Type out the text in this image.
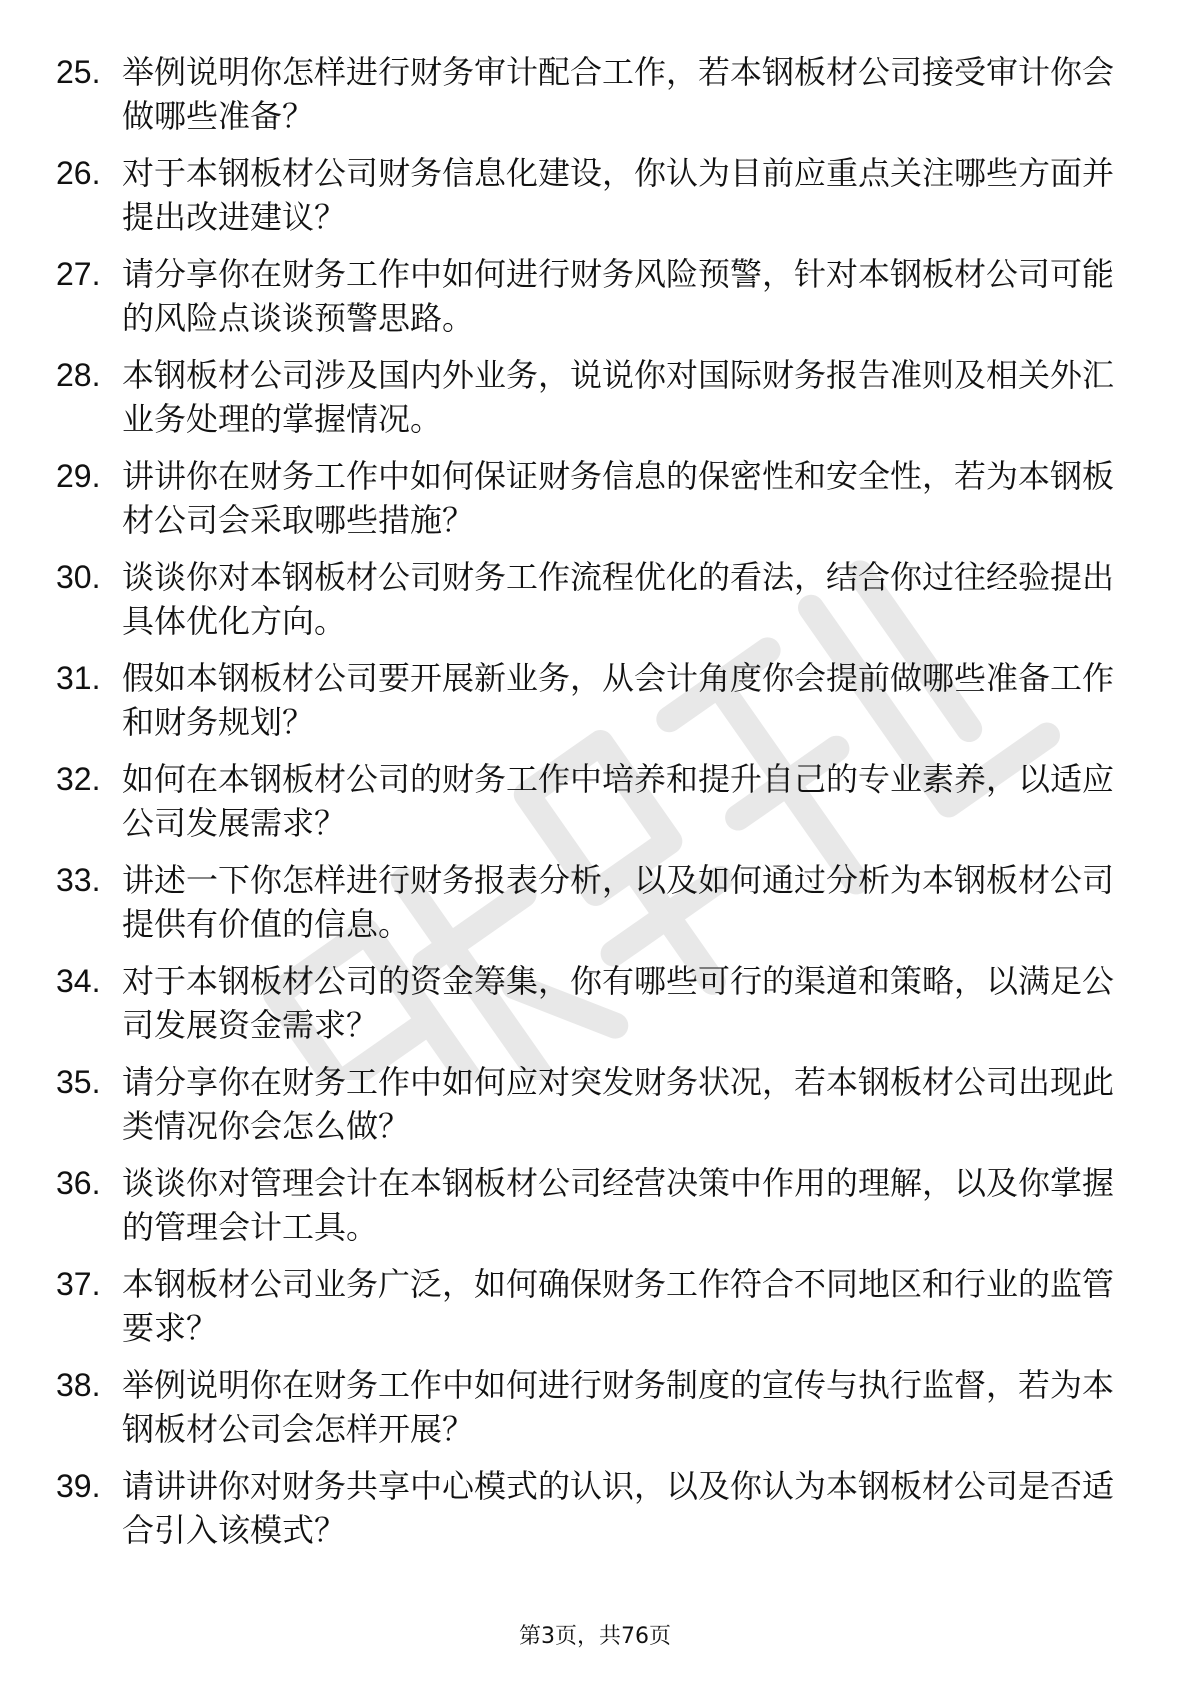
25. 举例说明你怎样进行财务审计配合工作，若本钢板材公司接受审计你会做哪些准备？
26. 对于本钢板材公司财务信息化建设，你认为目前应重点关注哪些方面并提出改进建议？
27. 请分享你在财务工作中如何进行财务风险预警，针对本钢板材公司可能的风险点谈谈预警思路。
28. 本钢板材公司涉及国内外业务，说说你对国际财务报告准则及相关外汇业务处理的掌握情况。
29. 讲讲你在财务工作中如何保证财务信息的保密性和安全性，若为本钢板材公司会采取哪些措施？
30. 谈谈你对本钢板材公司财务工作流程优化的看法，结合你过往经验提出具体优化方向。
31. 假如本钢板材公司要开展新业务，从会计角度你会提前做哪些准备工作和财务规划？
32. 如何在本钢板材公司的财务工作中培养和提升自己的专业素养，以适应公司发展需求？
33. 讲述一下你怎样进行财务报表分析，以及如何通过分析为本钢板材公司提供有价值的信息。
34. 对于本钢板材公司的资金筹集，你有哪些可行的渠道和策略，以满足公司发展资金需求？
35. 请分享你在财务工作中如何应对突发财务状况，若本钢板材公司出现此类情况你会怎么做？
36. 谈谈你对管理会计在本钢板材公司经营决策中作用的理解，以及你掌握的管理会计工具。
37. 本钢板材公司业务广泛，如何确保财务工作符合不同地区和行业的监管要求？
38. 举例说明你在财务工作中如何进行财务制度的宣传与执行监督，若为本钢板材公司会怎样开展？
39. 请讲讲你对财务共享中心模式的认识，以及你认为本钢板材公司是否适合引入该模式？
第3页，共76页
